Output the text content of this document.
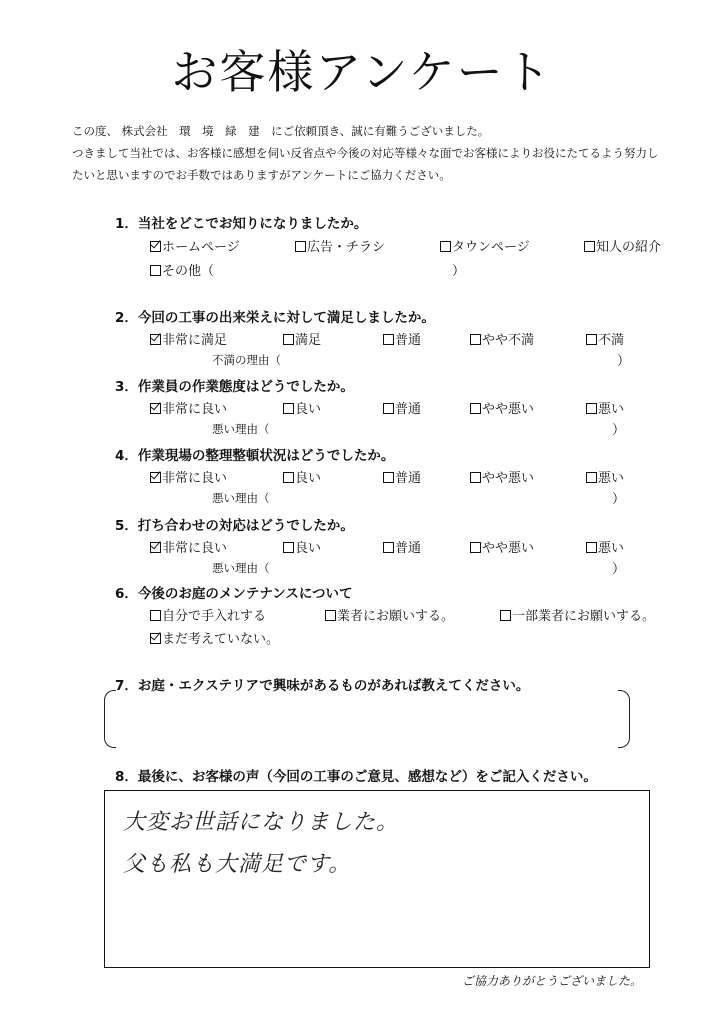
お客様アンケート
この度、 株式会社　環　境　緑　建　にご依頼頂き、誠に有難うございました。
つきまして当社では、お客様に感想を伺い反省点や今後の対応等様々な面でお客様によりお役にたてるよう努力し
たいと思いますのでお手数ではありますがアンケートにご協力ください。
1．当社をどこでお知りになりましたか。
ホームページ	広告・チラシ	タウンページ	知人の紹介
その他（	）
2．今回の工事の出来栄えに対して満足しましたか。
非常に満足	満足	普通	やや不満	不満
不満の理由（	）
3．作業員の作業態度はどうでしたか。
非常に良い	良い	普通	やや悪い	悪い
悪い理由（	）
4．作業現場の整理整頓状況はどうでしたか。
非常に良い	良い	普通	やや悪い	悪い
悪い理由（	）
5．打ち合わせの対応はどうでしたか。
非常に良い	良い	普通	やや悪い	悪い
悪い理由（	）
6．今後のお庭のメンテナンスについて
自分で手入れする	業者にお願いする。	一部業者にお願いする。
まだ考えていない。
7．お庭・エクステリアで興味があるものがあれば教えてください。
8．最後に、お客様の声（今回の工事のご意見、感想など）をご記入ください。
大変お世話になりました。
父も私も大満足です。
ご協力ありがとうございました。
